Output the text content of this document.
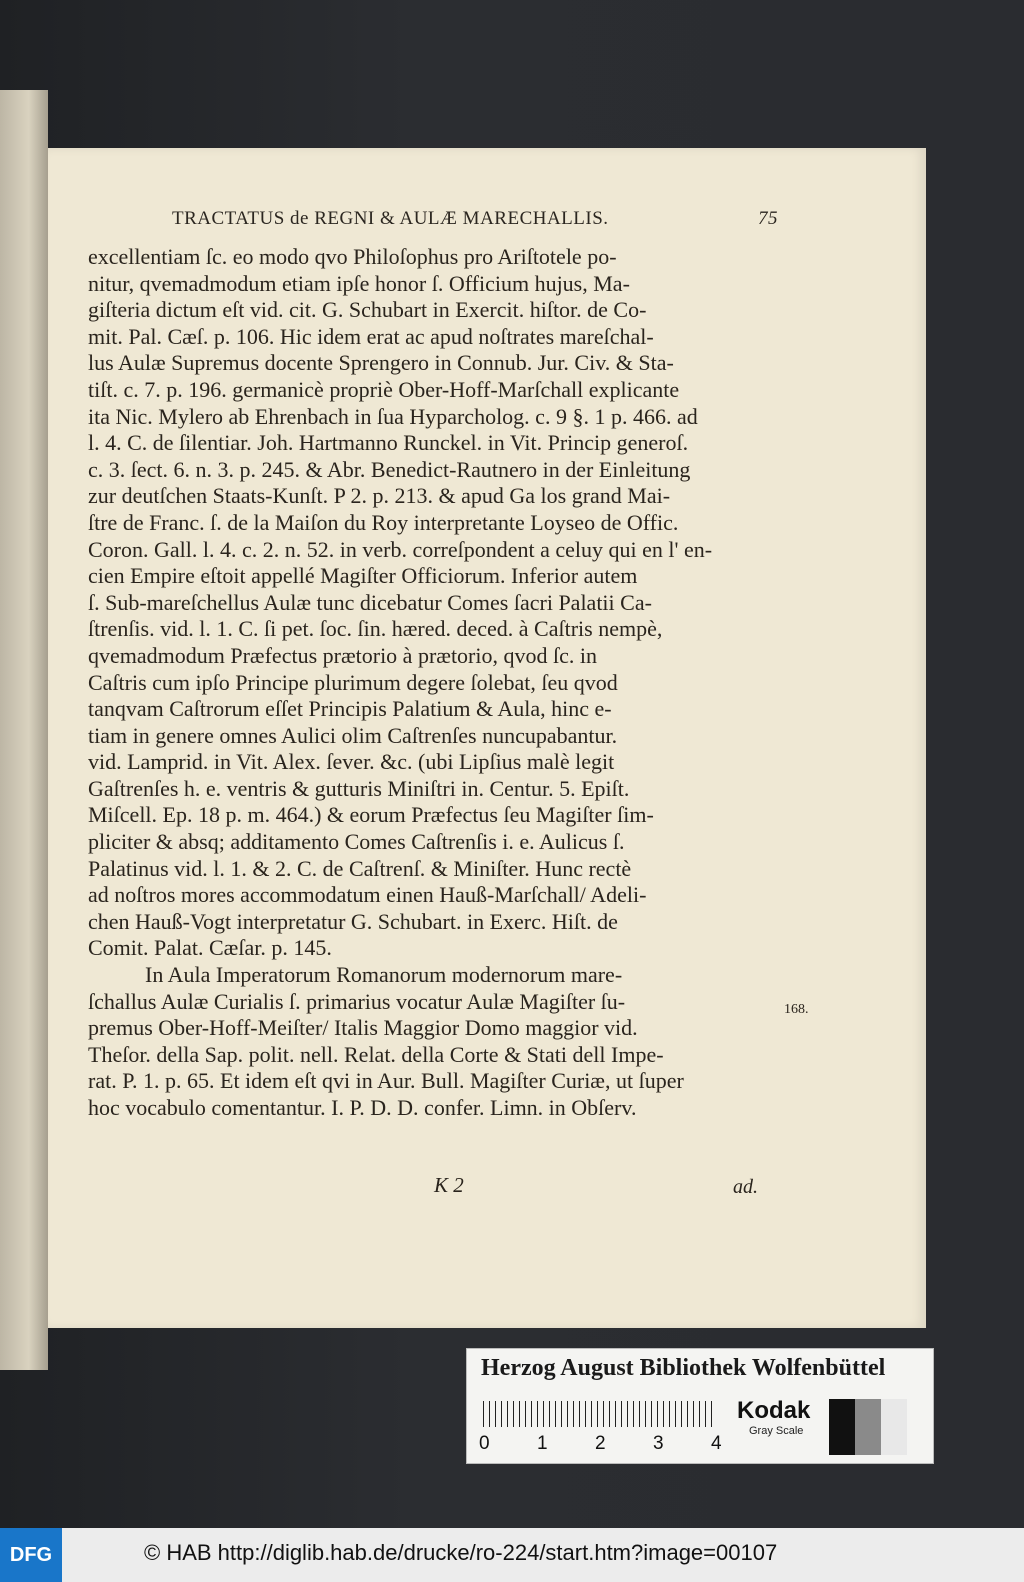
TRACTATUS de REGNI & AULÆ MARECHALLIS.	75
excellentiam ſc. eo modo qvo Philoſophus pro Ariſtotele po-
nitur, qvemadmodum etiam ipſe honor ſ. Officium hujus, Ma-
giſteria dictum eſt vid. cit. G. Schubart in Exercit. hiſtor. de Co-
mit. Pal. Cæſ. p. 106. Hic idem erat ac apud noſtrates mareſchal-
lus Aulæ Supremus docente Sprengero in Connub. Jur. Civ. & Sta-
tiſt. c. 7. p. 196. germanicè propriè Ober-Hoff-Marſchall explicante
ita Nic. Mylero ab Ehrenbach in ſua Hyparcholog. c. 9 §. 1 p. 466. ad
l. 4. C. de ſilentiar. Joh. Hartmanno Runckel. in Vit. Princip generoſ.
c. 3. ſect. 6. n. 3. p. 245. & Abr. Benedict-Rautnero in der Einleitung
zur deutſchen Staats-Kunſt. P 2. p. 213. & apud Ga los grand Mai-
ſtre de Franc. ſ. de la Maiſon du Roy interpretante Loyseo de Offic.
Coron. Gall. l. 4. c. 2. n. 52. in verb. correſpondent a celuy qui en l' en-
cien Empire eſtoit appellé Magiſter Officiorum. Inferior autem
ſ. Sub-mareſchellus Aulæ tunc dicebatur Comes ſacri Palatii Ca-
ſtrenſis. vid. l. 1. C. ſi pet. ſoc. ſin. hæred. deced. à Caſtris nempè,
qvemadmodum Præfectus prætorio à prætorio, qvod ſc. in
Caſtris cum ipſo Principe plurimum degere ſolebat, ſeu qvod
tanqvam Caſtrorum eſſet Principis Palatium & Aula, hinc e-
tiam in genere omnes Aulici olim Caſtrenſes nuncupabantur.
vid. Lamprid. in Vit. Alex. ſever. &c. (ubi Lipſius malè legit
Gaſtrenſes h. e. ventris & gutturis Miniſtri in. Centur. 5. Epiſt.
Miſcell. Ep. 18 p. m. 464.) & eorum Præfectus ſeu Magiſter ſim-
pliciter & absq; additamento Comes Caſtrenſis i. e. Aulicus ſ.
Palatinus vid. l. 1. & 2. C. de Caſtrenſ. & Miniſter. Hunc rectè
ad noſtros mores accommodatum einen Hauß-Marſchall/ Adeli-
chen Hauß-Vogt interpretatur G. Schubart. in Exerc. Hiſt. de
Comit. Palat. Cæſar. p. 145.
In Aula Imperatorum Romanorum modernorum mare-
ſchallus Aulæ Curialis ſ. primarius vocatur Aulæ Magiſter ſu-
premus Ober-Hoff-Meiſter/ Italis Maggior Domo maggior vid.
Theſor. della Sap. polit. nell. Relat. della Corte & Stati dell Impe-
rat. P. 1. p. 65. Et idem eſt qvi in Aur. Bull. Magiſter Curiæ, ut ſuper
hoc vocabulo comentantur. I. P. D. D. confer. Limn. in Obſerv.
168.
K 2	ad.
Herzog August Bibliothek Wolfenbüttel
0 1 2 3 4
Kodak
Gray Scale
DFG	© HAB http://diglib.hab.de/drucke/ro-224/start.htm?image=00107
